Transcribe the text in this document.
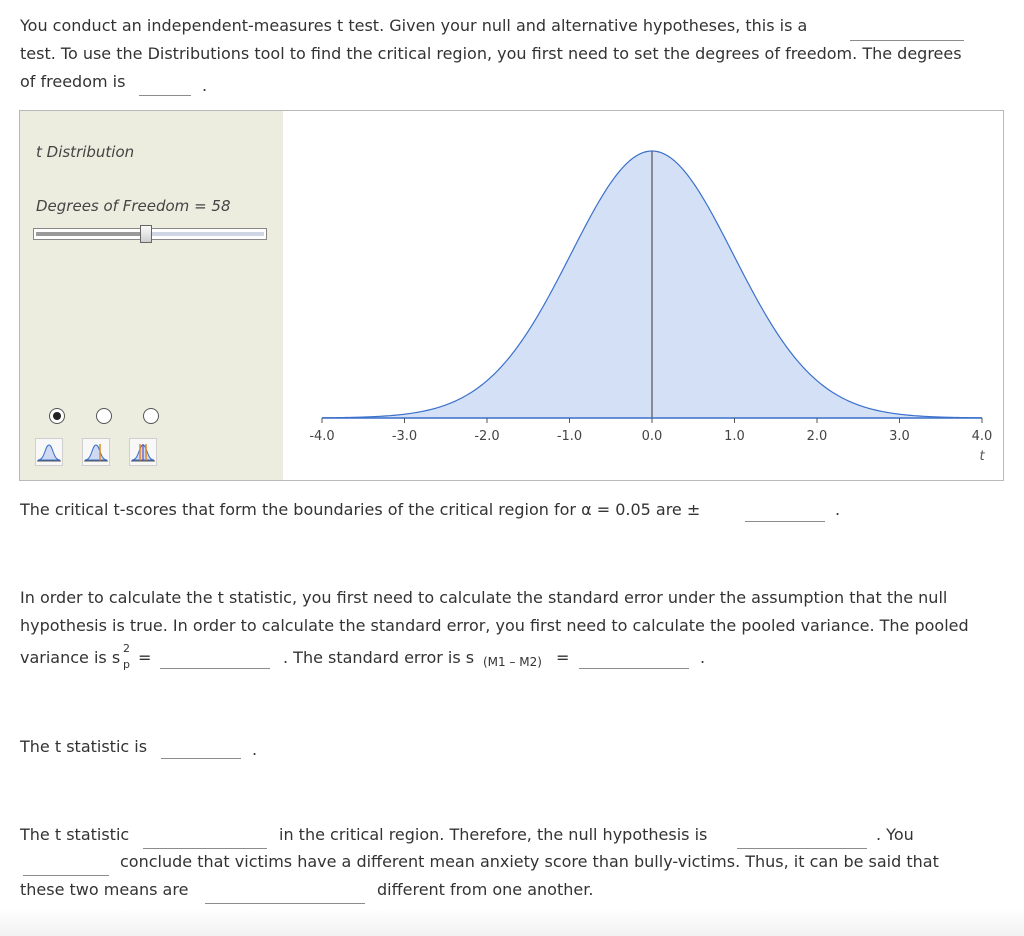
You conduct an independent-measures t test. Given your null and alternative hypotheses, this is a
test. To use the Distributions tool to find the critical region, you first need to set the degrees of freedom. The degrees
of freedom is	.
t Distribution
Degrees of Freedom = 58
-4.0	-3.0	-2.0	-1.0	0.0	1.0	2.0	3.0	4.0
t
The critical t-scores that form the boundaries of the critical region for α = 0.05 are ±	.
In order to calculate the t statistic, you first need to calculate the standard error under the assumption that the null
hypothesis is true. In order to calculate the standard error, you first need to calculate the pooled variance. The pooled
variance is s 2
p =	. The standard error is s (M1 – M2) =	.
The t statistic is	.
The t statistic	in the critical region. Therefore, the null hypothesis is	. You
conclude that victims have a different mean anxiety score than bully-victims. Thus, it can be said that
these two means are	different from one another.
